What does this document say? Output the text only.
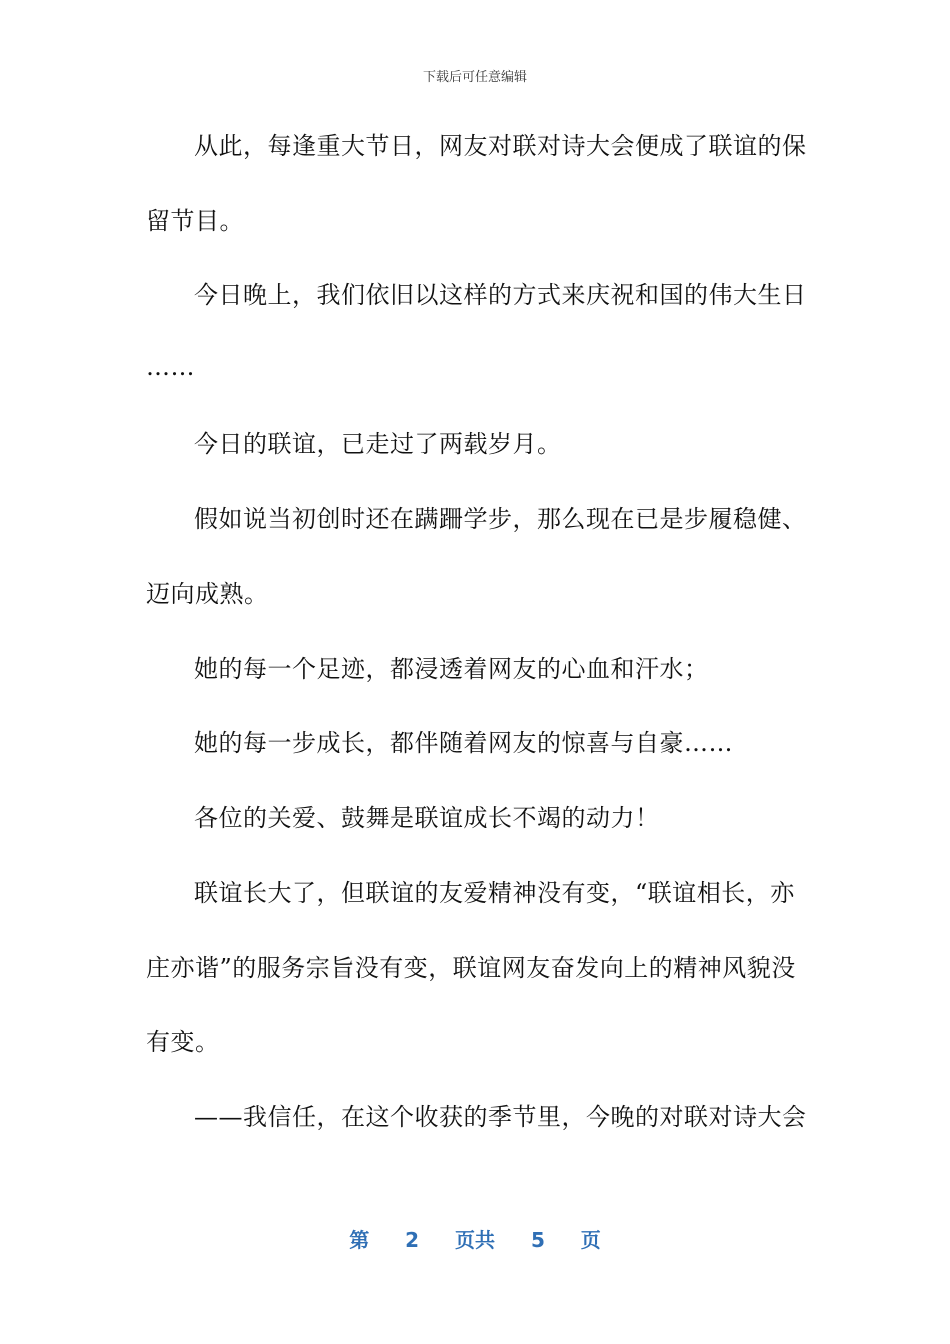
下载后可任意编辑
从此，每逢重大节日，网友对联对诗大会便成了联谊的保
留节目。
今日晚上，我们依旧以这样的方式来庆祝和国的伟大生日
……
今日的联谊，已走过了两载岁月。
假如说当初创时还在蹒跚学步，那么现在已是步履稳健、
迈向成熟。
她的每一个足迹，都浸透着网友的心血和汗水；
她的每一步成长，都伴随着网友的惊喜与自豪……
各位的关爱、鼓舞是联谊成长不竭的动力！
联谊长大了，但联谊的友爱精神没有变，“联谊相长，亦
庄亦谐”的服务宗旨没有变，联谊网友奋发向上的精神风貌没
有变。
——我信任，在这个收获的季节里，今晚的对联对诗大会
第 2 页共 5 页
